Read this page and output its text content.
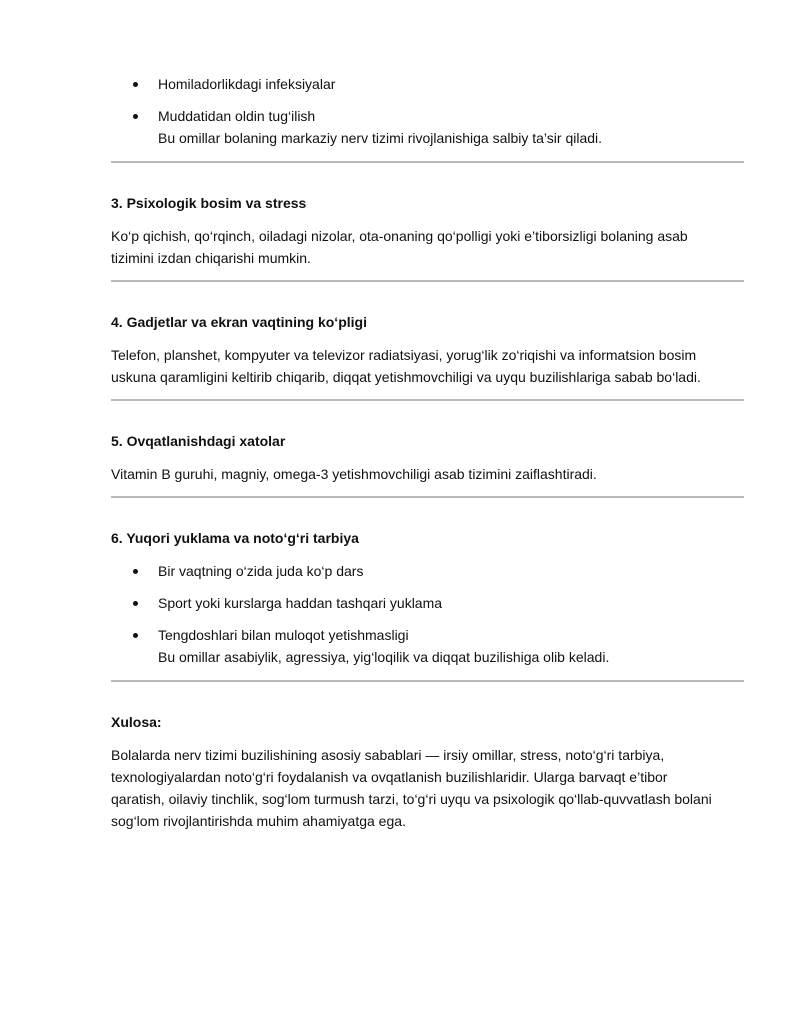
Homiladorlikdagi infeksiyalar
Muddatidan oldin tug‘ilish
Bu omillar bolaning markaziy nerv tizimi rivojlanishiga salbiy ta’sir qiladi.
3. Psixologik bosim va stress
Ko‘p qichish, qo‘rqinch, oiladagi nizolar, ota-onaning qo‘polligi yoki e’tiborsizligi bolaning asab
tizimini izdan chiqarishi mumkin.
4. Gadjetlar va ekran vaqtining ko‘pligi
Telefon, planshet, kompyuter va televizor radiatsiyasi, yorug‘lik zo‘riqishi va informatsion bosim
uskuna qaramligini keltirib chiqarib, diqqat yetishmovchiligi va uyqu buzilishlariga sabab bo‘ladi.
5. Ovqatlanishdagi xatolar
Vitamin B guruhi, magniy, omega-3 yetishmovchiligi asab tizimini zaiflashtiradi.
6. Yuqori yuklama va noto‘g‘ri tarbiya
Bir vaqtning o‘zida juda ko‘p dars
Sport yoki kurslarga haddan tashqari yuklama
Tengdoshlari bilan muloqot yetishmasligi
Bu omillar asabiylik, agressiya, yig‘loqilik va diqqat buzilishiga olib keladi.
Xulosa:
Bolalarda nerv tizimi buzilishining asosiy sabablari — irsiy omillar, stress, noto‘g‘ri tarbiya,
texnologiyalardan noto‘g‘ri foydalanish va ovqatlanish buzilishlaridir. Ularga barvaqt e’tibor
qaratish, oilaviy tinchlik, sog‘lom turmush tarzi, to‘g‘ri uyqu va psixologik qo‘llab-quvvatlash bolani
sog‘lom rivojlantirishda muhim ahamiyatga ega.
